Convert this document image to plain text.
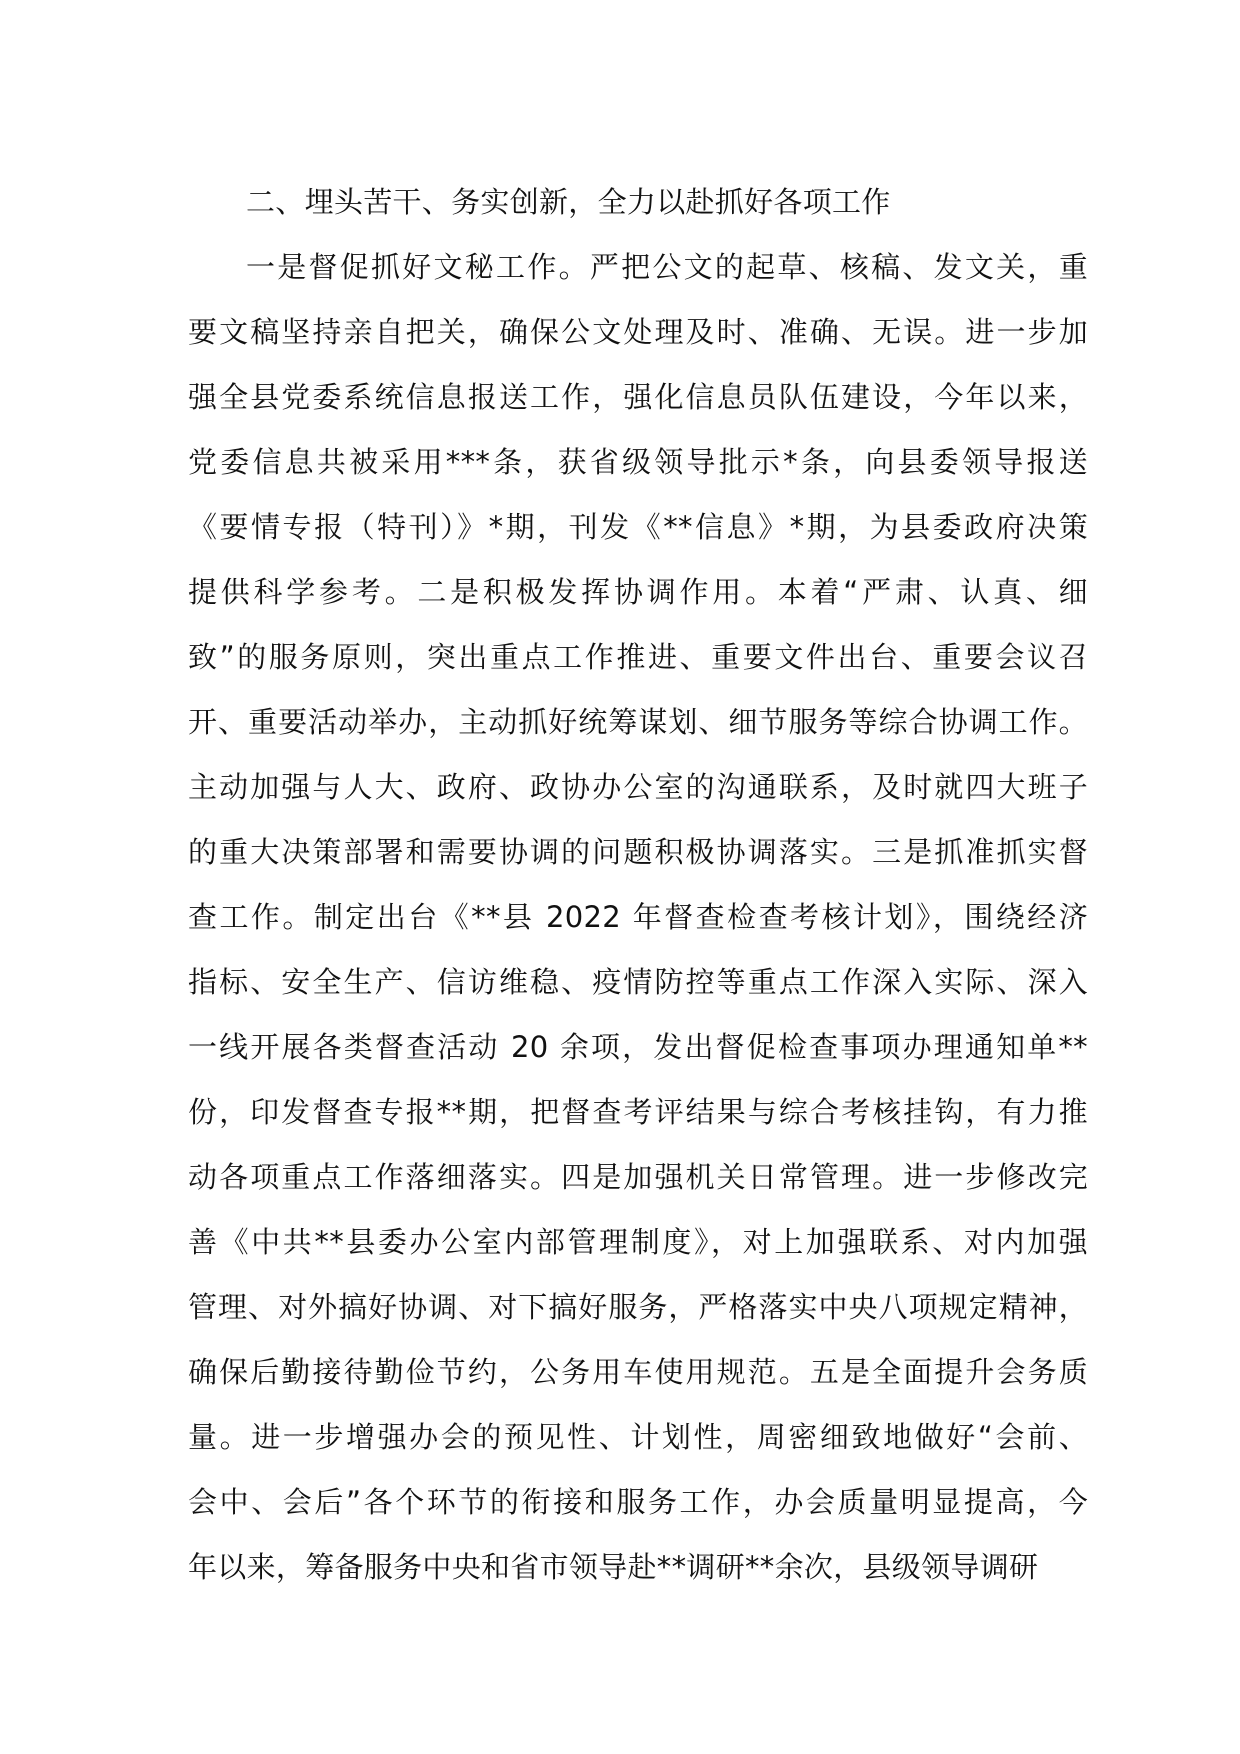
二、埋头苦干、务实创新，全力以赴抓好各项工作
一是督促抓好文秘工作。严把公文的起草、核稿、发文关，重
要文稿坚持亲自把关，确保公文处理及时、准确、无误。进一步加
强全县党委系统信息报送工作，强化信息员队伍建设，今年以来，
党委信息共被采用***条，获省级领导批示*条，向县委领导报送
《要情专报（特刊）》*期，刊发《**信息》*期，为县委政府决策
提供科学参考。二是积极发挥协调作用。本着“严肃、认真、细
致”的服务原则，突出重点工作推进、重要文件出台、重要会议召
开、重要活动举办，主动抓好统筹谋划、细节服务等综合协调工作。
主动加强与人大、政府、政协办公室的沟通联系，及时就四大班子
的重大决策部署和需要协调的问题积极协调落实。三是抓准抓实督
查工作。制定出台《**县 2022 年督查检查考核计划》，围绕经济
指标、安全生产、信访维稳、疫情防控等重点工作深入实际、深入
一线开展各类督查活动 20 余项，发出督促检查事项办理通知单**
份，印发督查专报**期，把督查考评结果与综合考核挂钩，有力推
动各项重点工作落细落实。四是加强机关日常管理。进一步修改完
善《中共**县委办公室内部管理制度》，对上加强联系、对内加强
管理、对外搞好协调、对下搞好服务，严格落实中央八项规定精神，
确保后勤接待勤俭节约，公务用车使用规范。五是全面提升会务质
量。进一步增强办会的预见性、计划性，周密细致地做好“会前、
会中、会后”各个环节的衔接和服务工作，办会质量明显提高，今
年以来，筹备服务中央和省市领导赴**调研**余次，县级领导调研
